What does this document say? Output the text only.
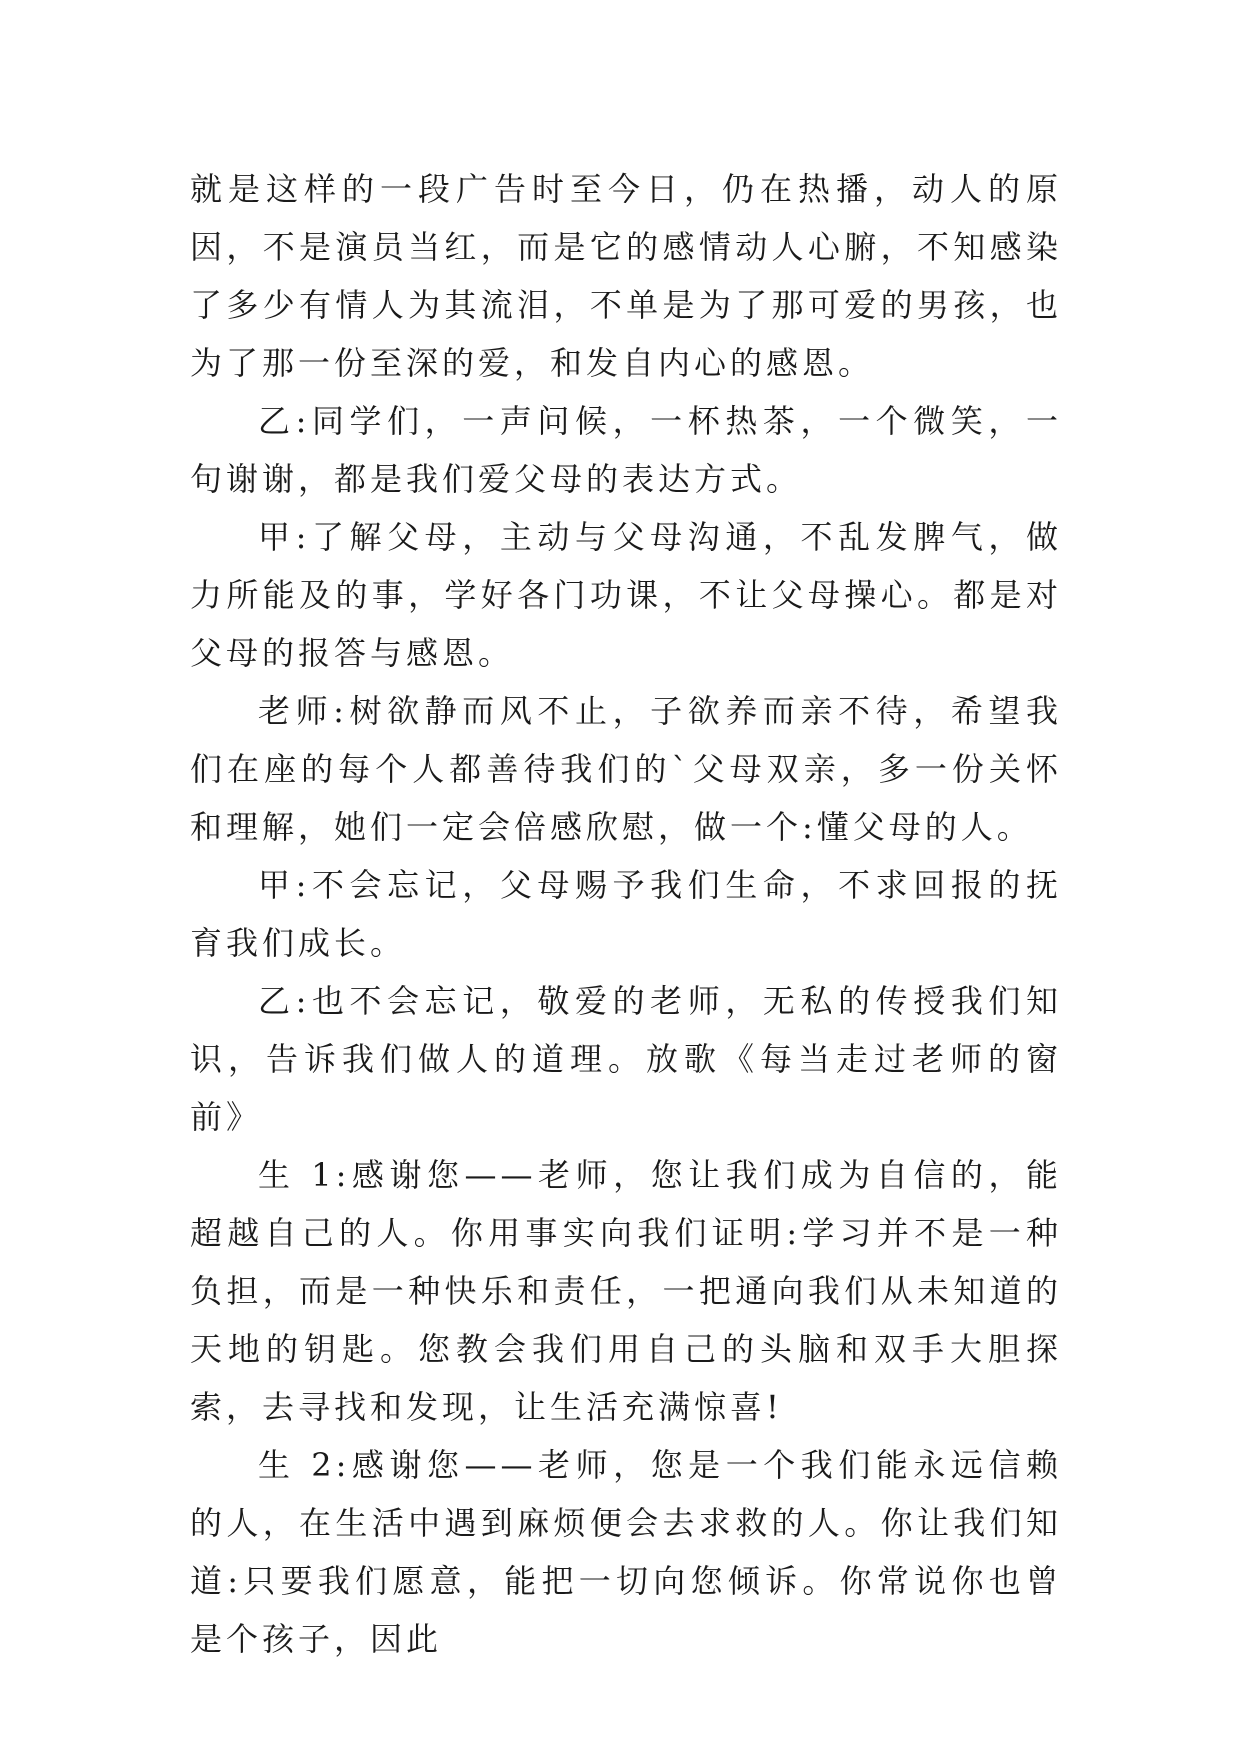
就是这样的一段广告时至今日，仍在热播，动人的原因，不是演员当红，而是它的感情动人心腑，不知感染了多少有情人为其流泪，不单是为了那可爱的男孩，也为了那一份至深的爱，和发自内心的感恩。

乙:同学们，一声问候，一杯热茶，一个微笑，一句谢谢，都是我们爱父母的表达方式。

甲:了解父母，主动与父母沟通，不乱发脾气，做力所能及的事，学好各门功课，不让父母操心。都是对父母的报答与感恩。

老师:树欲静而风不止，子欲养而亲不待，希望我们在座的每个人都善待我们的`父母双亲，多一份关怀和理解，她们一定会倍感欣慰，做一个:懂父母的人。

甲:不会忘记，父母赐予我们生命，不求回报的抚育我们成长。

乙:也不会忘记，敬爱的老师，无私的传授我们知识，告诉我们做人的道理。放歌《每当走过老师的窗前》

生 1:感谢您——老师，您让我们成为自信的，能超越自己的人。你用事实向我们证明:学习并不是一种负担，而是一种快乐和责任，一把通向我们从未知道的天地的钥匙。您教会我们用自己的头脑和双手大胆探索，去寻找和发现，让生活充满惊喜!

生 2:感谢您——老师，您是一个我们能永远信赖的人，在生活中遇到麻烦便会去求救的人。你让我们知道:只要我们愿意，能把一切向您倾诉。你常说你也曾是个孩子，因此
